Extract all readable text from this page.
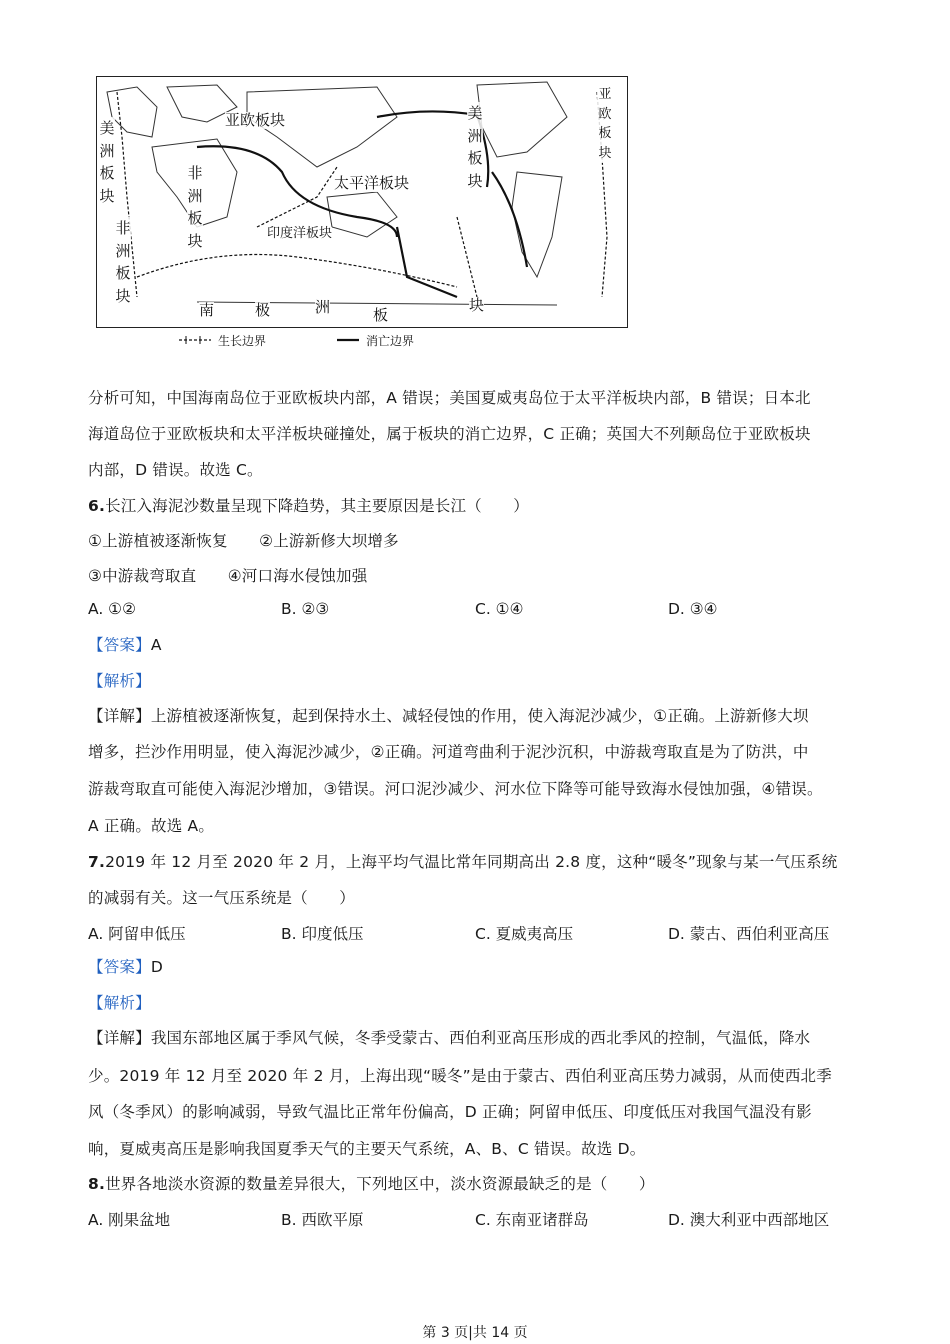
亚欧板块
太平洋板块
印度洋板块
非洲板块
美洲板块
非洲板块
美洲板块
亚欧板块
南	极	洲	板
块
生长边界	消亡边界
分析可知，中国海南岛位于亚欧板块内部，A 错误；美国夏威夷岛位于太平洋板块内部，B 错误；日本北
海道岛位于亚欧板块和太平洋板块碰撞处，属于板块的消亡边界，C 正确；英国大不列颠岛位于亚欧板块
内部，D 错误。故选 C。
6.长江入海泥沙数量呈现下降趋势，其主要原因是长江（　　）
①上游植被逐渐恢复　　②上游新修大坝增多
③中游裁弯取直　　④河口海水侵蚀加强
A. ①②	B. ②③	C. ①④	D. ③④
【答案】A
【解析】
【详解】上游植被逐渐恢复，起到保持水土、减轻侵蚀的作用，使入海泥沙减少，①正确。上游新修大坝
增多，拦沙作用明显，使入海泥沙减少，②正确。河道弯曲利于泥沙沉积，中游裁弯取直是为了防洪，中
游裁弯取直可能使入海泥沙增加，③错误。河口泥沙减少、河水位下降等可能导致海水侵蚀加强，④错误。
A 正确。故选 A。
7.2019 年 12 月至 2020 年 2 月，上海平均气温比常年同期高出 2.8 度，这种“暖冬”现象与某一气压系统
的减弱有关。这一气压系统是（　　）
A. 阿留申低压	B. 印度低压	C. 夏威夷高压	D. 蒙古、西伯利亚高压
【答案】D
【解析】
【详解】我国东部地区属于季风气候，冬季受蒙古、西伯利亚高压形成的西北季风的控制，气温低，降水
少。2019 年 12 月至 2020 年 2 月，上海出现“暖冬”是由于蒙古、西伯利亚高压势力减弱，从而使西北季
风（冬季风）的影响减弱，导致气温比正常年份偏高，D 正确；阿留申低压、印度低压对我国气温没有影
响，夏威夷高压是影响我国夏季天气的主要天气系统，A、B、C 错误。故选 D。
8.世界各地淡水资源的数量差异很大，下列地区中，淡水资源最缺乏的是（　　）
A. 刚果盆地	B. 西欧平原	C. 东南亚诸群岛	D. 澳大利亚中西部地区
第 3 页|共 14 页
